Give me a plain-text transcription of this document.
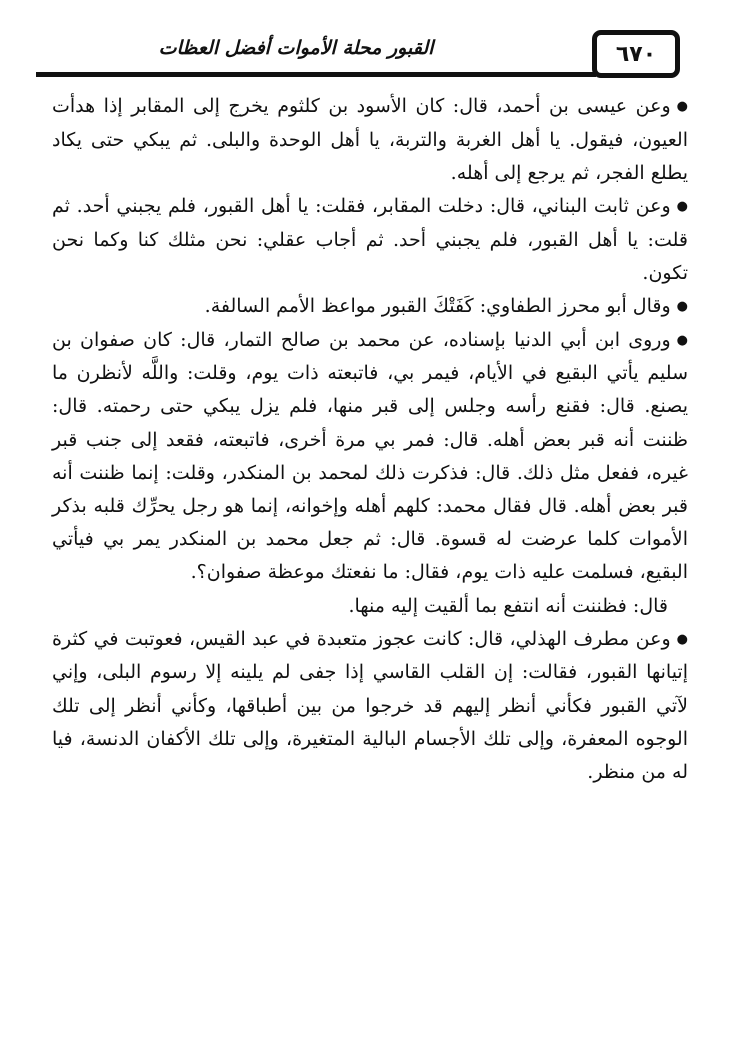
القبور محلة الأموات أفضل العظات	٦٧٠

●وعن عيسى بن أحمد، قال: كان الأسود بن كلثوم يخرج إلى المقابر إذا هدأت العيون، فيقول. يا أهل الغربة والتربة، يا أهل الوحدة والبلى. ثم يبكي حتى يكاد يطلع الفجر، ثم يرجع إلى أهله.

●وعن ثابت البناني، قال: دخلت المقابر، فقلت: يا أهل القبور، فلم يجبني أحد. ثم قلت: يا أهل القبور، فلم يجبني أحد. ثم أجاب عقلي: نحن مثلك كنا وكما نحن تكون.

●وقال أبو محرز الطفاوي: كَفَتْكَ القبور مواعظ الأمم السالفة.

●وروى ابن أبي الدنيا بإسناده، عن محمد بن صالح التمار، قال: كان صفوان بن سليم يأتي البقيع في الأيام، فيمر بي، فاتبعته ذات يوم، وقلت: واللَّه لأنظرن ما يصنع. قال: فقنع رأسه وجلس إلى قبر منها، فلم يزل يبكي حتى رحمته. قال: ظننت أنه قبر بعض أهله. قال: فمر بي مرة أخرى، فاتبعته، فقعد إلى جنب قبر غيره، ففعل مثل ذلك. قال: فذكرت ذلك لمحمد بن المنكدر، وقلت: إنما ظننت أنه قبر بعض أهله. قال فقال محمد: كلهم أهله وإخوانه، إنما هو رجل يحرِّك قلبه بذكر الأموات كلما عرضت له قسوة. قال: ثم جعل محمد بن المنكدر يمر بي فيأتي البقيع، فسلمت عليه ذات يوم، فقال: ما نفعتك موعظة صفوان؟.

قال: فظننت أنه انتفع بما ألقيت إليه منها.

●وعن مطرف الهذلي، قال: كانت عجوز متعبدة في عبد القيس، فعوتبت في كثرة إتيانها القبور، فقالت: إن القلب القاسي إذا جفى لم يلينه إلا رسوم البلى، وإني لآتي القبور فكأني أنظر إليهم قد خرجوا من بين أطباقها، وكأني أنظر إلى تلك الوجوه المعفرة، وإلى تلك الأجسام البالية المتغيرة، وإلى تلك الأكفان الدنسة، فيا له من منظر.
